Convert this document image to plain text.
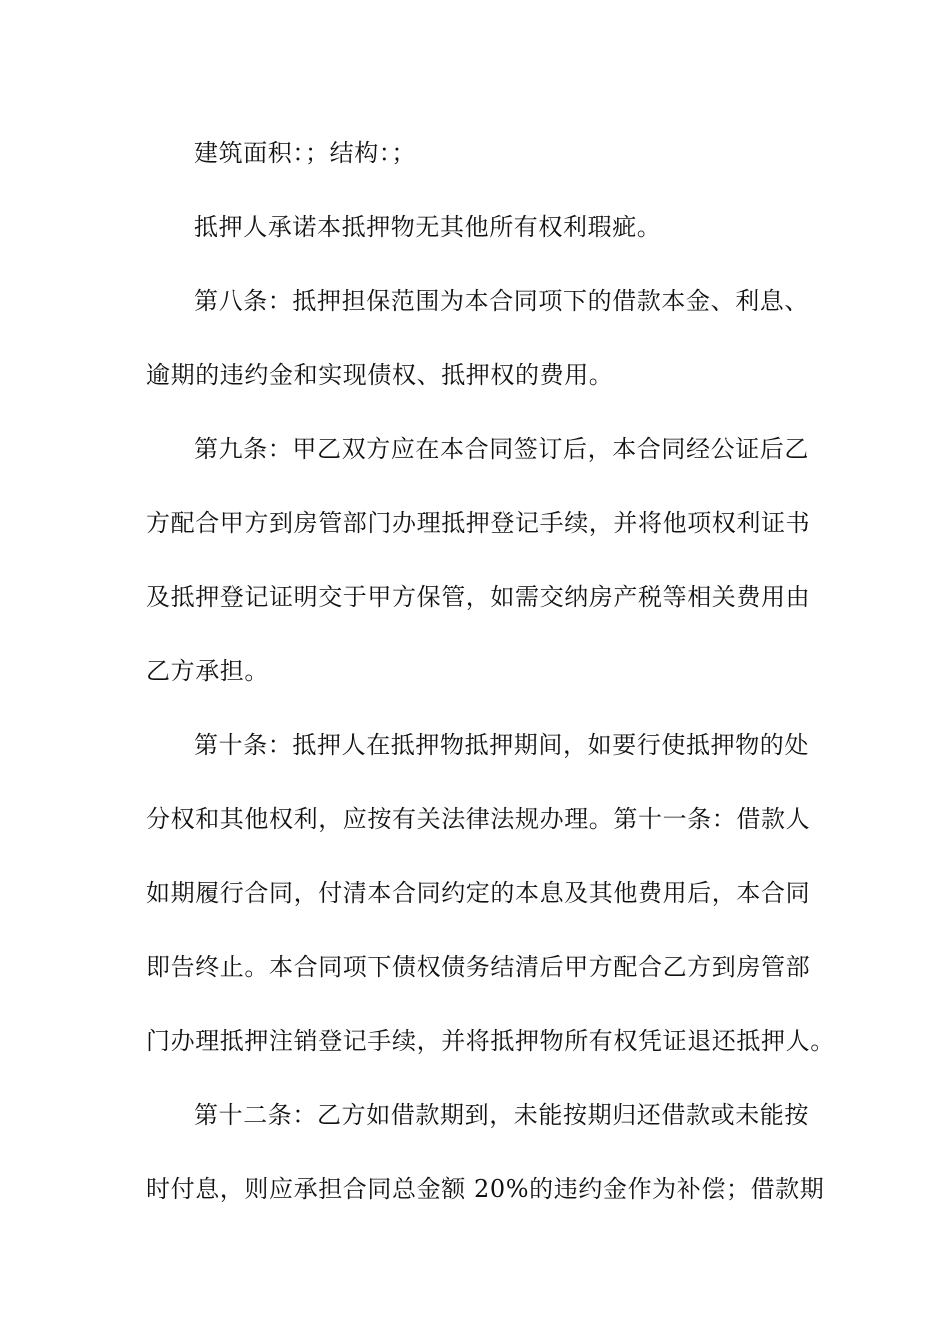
建筑面积：；结构：；
抵押人承诺本抵押物无其他所有权利瑕疵。
第八条：抵押担保范围为本合同项下的借款本金、利息、
逾期的违约金和实现债权、抵押权的费用。
第九条：甲乙双方应在本合同签订后，本合同经公证后乙
方配合甲方到房管部门办理抵押登记手续，并将他项权利证书
及抵押登记证明交于甲方保管，如需交纳房产税等相关费用由
乙方承担。
第十条：抵押人在抵押物抵押期间，如要行使抵押物的处
分权和其他权利，应按有关法律法规办理。第十一条：借款人
如期履行合同，付清本合同约定的本息及其他费用后，本合同
即告终止。本合同项下债权债务结清后甲方配合乙方到房管部
门办理抵押注销登记手续，并将抵押物所有权凭证退还抵押人。
第十二条：乙方如借款期到，未能按期归还借款或未能按
时付息，则应承担合同总金额 20%的违约金作为补偿；借款期
